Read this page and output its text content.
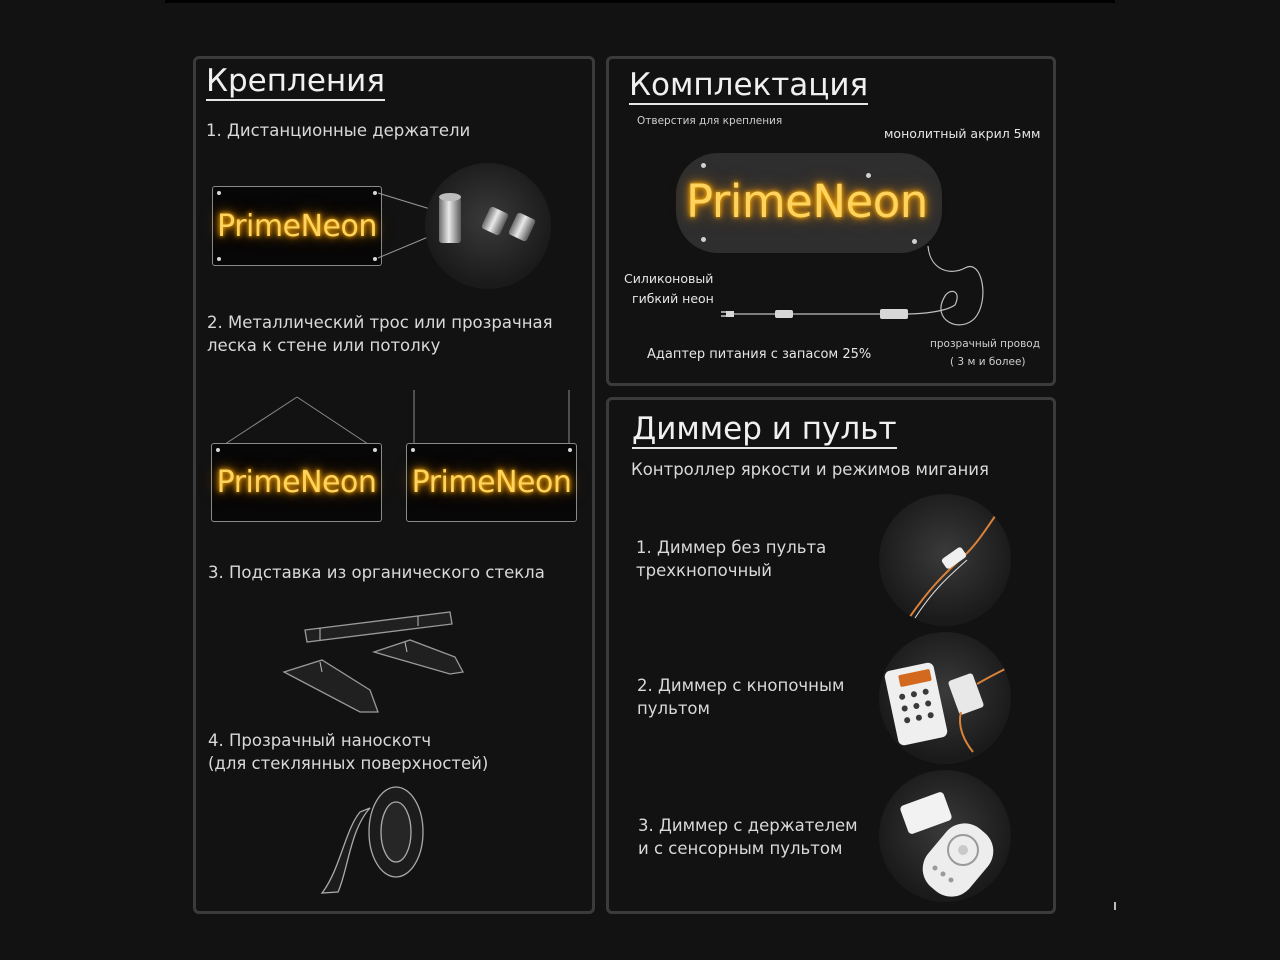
Крепления
1. Дистанционные держатели
PrimeNeon
2. Металлический трос или прозрачная
леска к стене или потолку
PrimeNeon PrimeNeon
3. Подставка из органического стекла
4. Прозрачный наноскотч
(для стеклянных поверхностей)
Комплектация
Отверстия для крепления
монолитный акрил 5мм
PrimeNeon
Силиконовый
гибкий неон
Адаптер питания с запасом 25%
прозрачный провод
( 3 м и более)
Диммер и пульт
Контроллер яркости и режимов мигания
1. Диммер без пульта
трехкнопочный
2. Диммер с кнопочным
пультом
3. Диммер с держателем
и с сенсорным пультом
